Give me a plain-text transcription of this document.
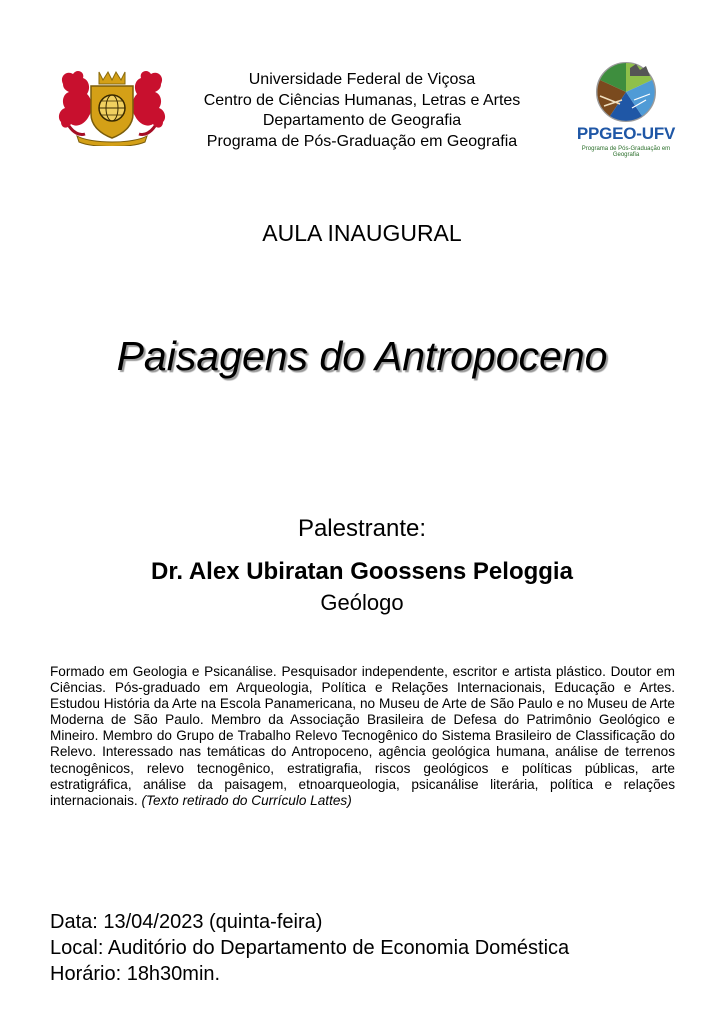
PPGEO-UFV
Programa de Pós-Graduação em Geografia
Universidade Federal de Viçosa
Centro de Ciências Humanas, Letras e Artes
Departamento de Geografia
Programa de Pós-Graduação em Geografia
AULA INAUGURAL
Paisagens do Antropoceno
Palestrante:
Dr. Alex Ubiratan Goossens Peloggia
Geólogo
Formado em Geologia e Psicanálise. Pesquisador independente, escritor e artista plástico. Doutor em Ciências. Pós-graduado em Arqueologia, Política e Relações Internacionais, Educação e Artes. Estudou História da Arte na Escola Panamericana, no Museu de Arte de São Paulo e no Museu de Arte Moderna de São Paulo. Membro da Associação Brasileira de Defesa do Patrimônio Geológico e Mineiro. Membro do Grupo de Trabalho Relevo Tecnogênico do Sistema Brasileiro de Classificação do Relevo. Interessado nas temáticas do Antropoceno, agência geológica humana, análise de terrenos tecnogênicos, relevo tecnogênico, estratigrafia, riscos geológicos e políticas públicas, arte estratigráfica, análise da paisagem, etnoarqueologia, psicanálise literária, política e relações internacionais. (Texto retirado do Currículo Lattes)
Data: 13/04/2023 (quinta-feira)
Local: Auditório do Departamento de Economia Doméstica
Horário: 18h30min.
